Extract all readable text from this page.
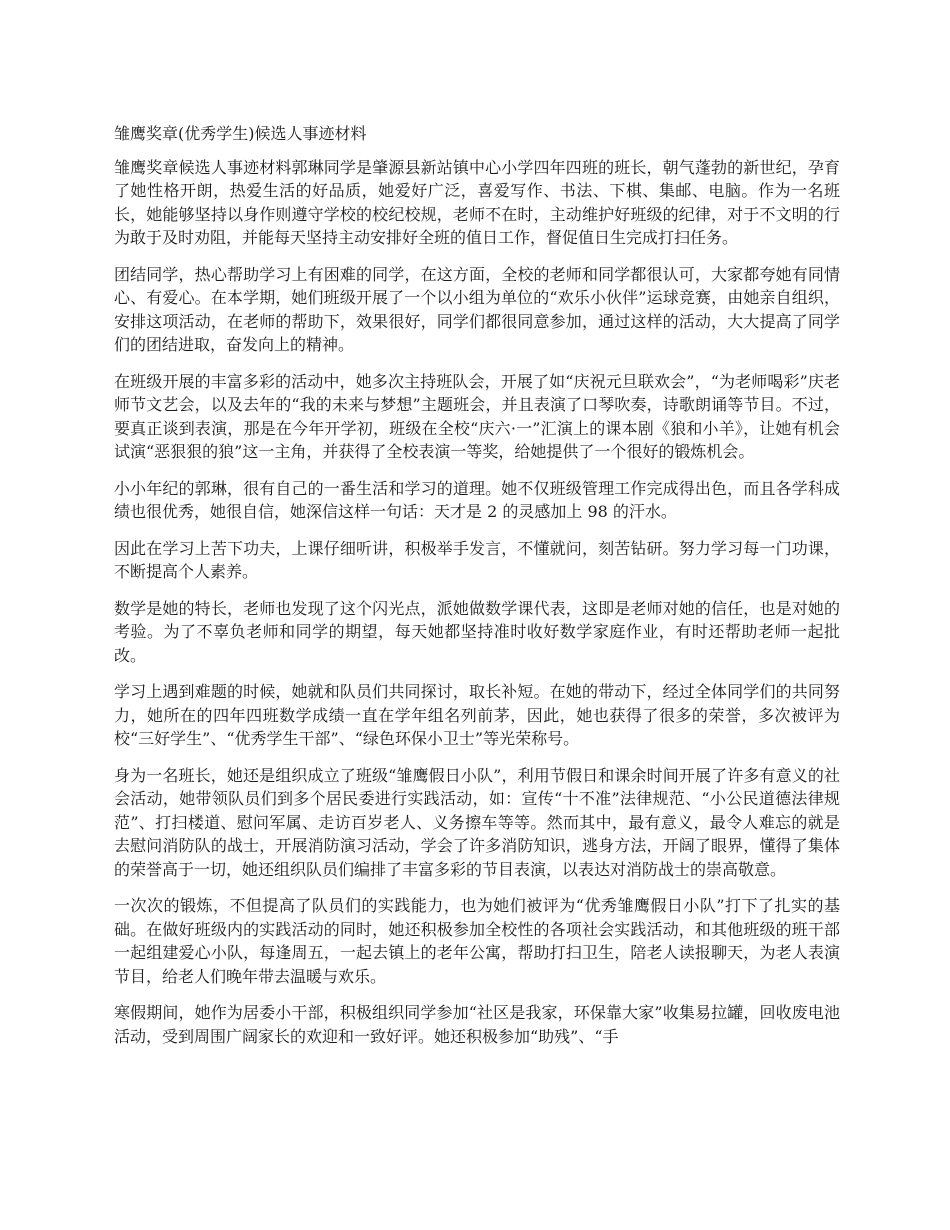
雏鹰奖章(优秀学生)候选人事迹材料

雏鹰奖章候选人事迹材料郭琳同学是肇源县新站镇中心小学四年四班的班长，朝气蓬勃的新世纪，孕育了她性格开朗，热爱生活的好品质，她爱好广泛，喜爱写作、书法、下棋、集邮、电脑。作为一名班长，她能够坚持以身作则遵守学校的校纪校规，老师不在时，主动维护好班级的纪律，对于不文明的行为敢于及时劝阻，并能每天坚持主动安排好全班的值日工作，督促值日生完成打扫任务。

团结同学，热心帮助学习上有困难的同学，在这方面，全校的老师和同学都很认可，大家都夸她有同情心、有爱心。在本学期，她们班级开展了一个以小组为单位的“欢乐小伙伴”运球竞赛，由她亲自组织，安排这项活动，在老师的帮助下，效果很好，同学们都很同意参加，通过这样的活动，大大提高了同学们的团结进取，奋发向上的精神。

在班级开展的丰富多彩的活动中，她多次主持班队会，开展了如“庆祝元旦联欢会”，“为老师喝彩”庆老师节文艺会，以及去年的“我的未来与梦想”主题班会，并且表演了口琴吹奏，诗歌朗诵等节目。不过，要真正谈到表演，那是在今年开学初，班级在全校“庆六·一”汇演上的课本剧《狼和小羊》，让她有机会试演“恶狠狠的狼”这一主角，并获得了全校表演一等奖，给她提供了一个很好的锻炼机会。

小小年纪的郭琳，很有自己的一番生活和学习的道理。她不仅班级管理工作完成得出色，而且各学科成绩也很优秀，她很自信，她深信这样一句话：天才是 2 的灵感加上 98 的汗水。

因此在学习上苦下功夫，上课仔细听讲，积极举手发言，不懂就问，刻苦钻研。努力学习每一门功课，不断提高个人素养。

数学是她的特长，老师也发现了这个闪光点，派她做数学课代表，这即是老师对她的信任，也是对她的考验。为了不辜负老师和同学的期望，每天她都坚持准时收好数学家庭作业，有时还帮助老师一起批改。

学习上遇到难题的时候，她就和队员们共同探讨，取长补短。在她的带动下，经过全体同学们的共同努力，她所在的四年四班数学成绩一直在学年组名列前茅，因此，她也获得了很多的荣誉，多次被评为校“三好学生”、“优秀学生干部”、“绿色环保小卫士”等光荣称号。

身为一名班长，她还是组织成立了班级“雏鹰假日小队”，利用节假日和课余时间开展了许多有意义的社会活动，她带领队员们到多个居民委进行实践活动，如：宣传“十不准”法律规范、“小公民道德法律规范”、打扫楼道、慰问军属、走访百岁老人、义务擦车等等。然而其中，最有意义，最令人难忘的就是去慰问消防队的战士，开展消防演习活动，学会了许多消防知识，逃身方法，开阔了眼界，懂得了集体的荣誉高于一切，她还组织队员们编排了丰富多彩的节目表演，以表达对消防战士的崇高敬意。

一次次的锻炼，不但提高了队员们的实践能力，也为她们被评为“优秀雏鹰假日小队”打下了扎实的基础。在做好班级内的实践活动的同时，她还积极参加全校性的各项社会实践活动，和其他班级的班干部一起组建爱心小队，每逢周五，一起去镇上的老年公寓，帮助打扫卫生，陪老人读报聊天，为老人表演节目，给老人们晚年带去温暖与欢乐。

寒假期间，她作为居委小干部，积极组织同学参加“社区是我家，环保靠大家”收集易拉罐，回收废电池活动，受到周围广阔家长的欢迎和一致好评。她还积极参加“助残”、“手
